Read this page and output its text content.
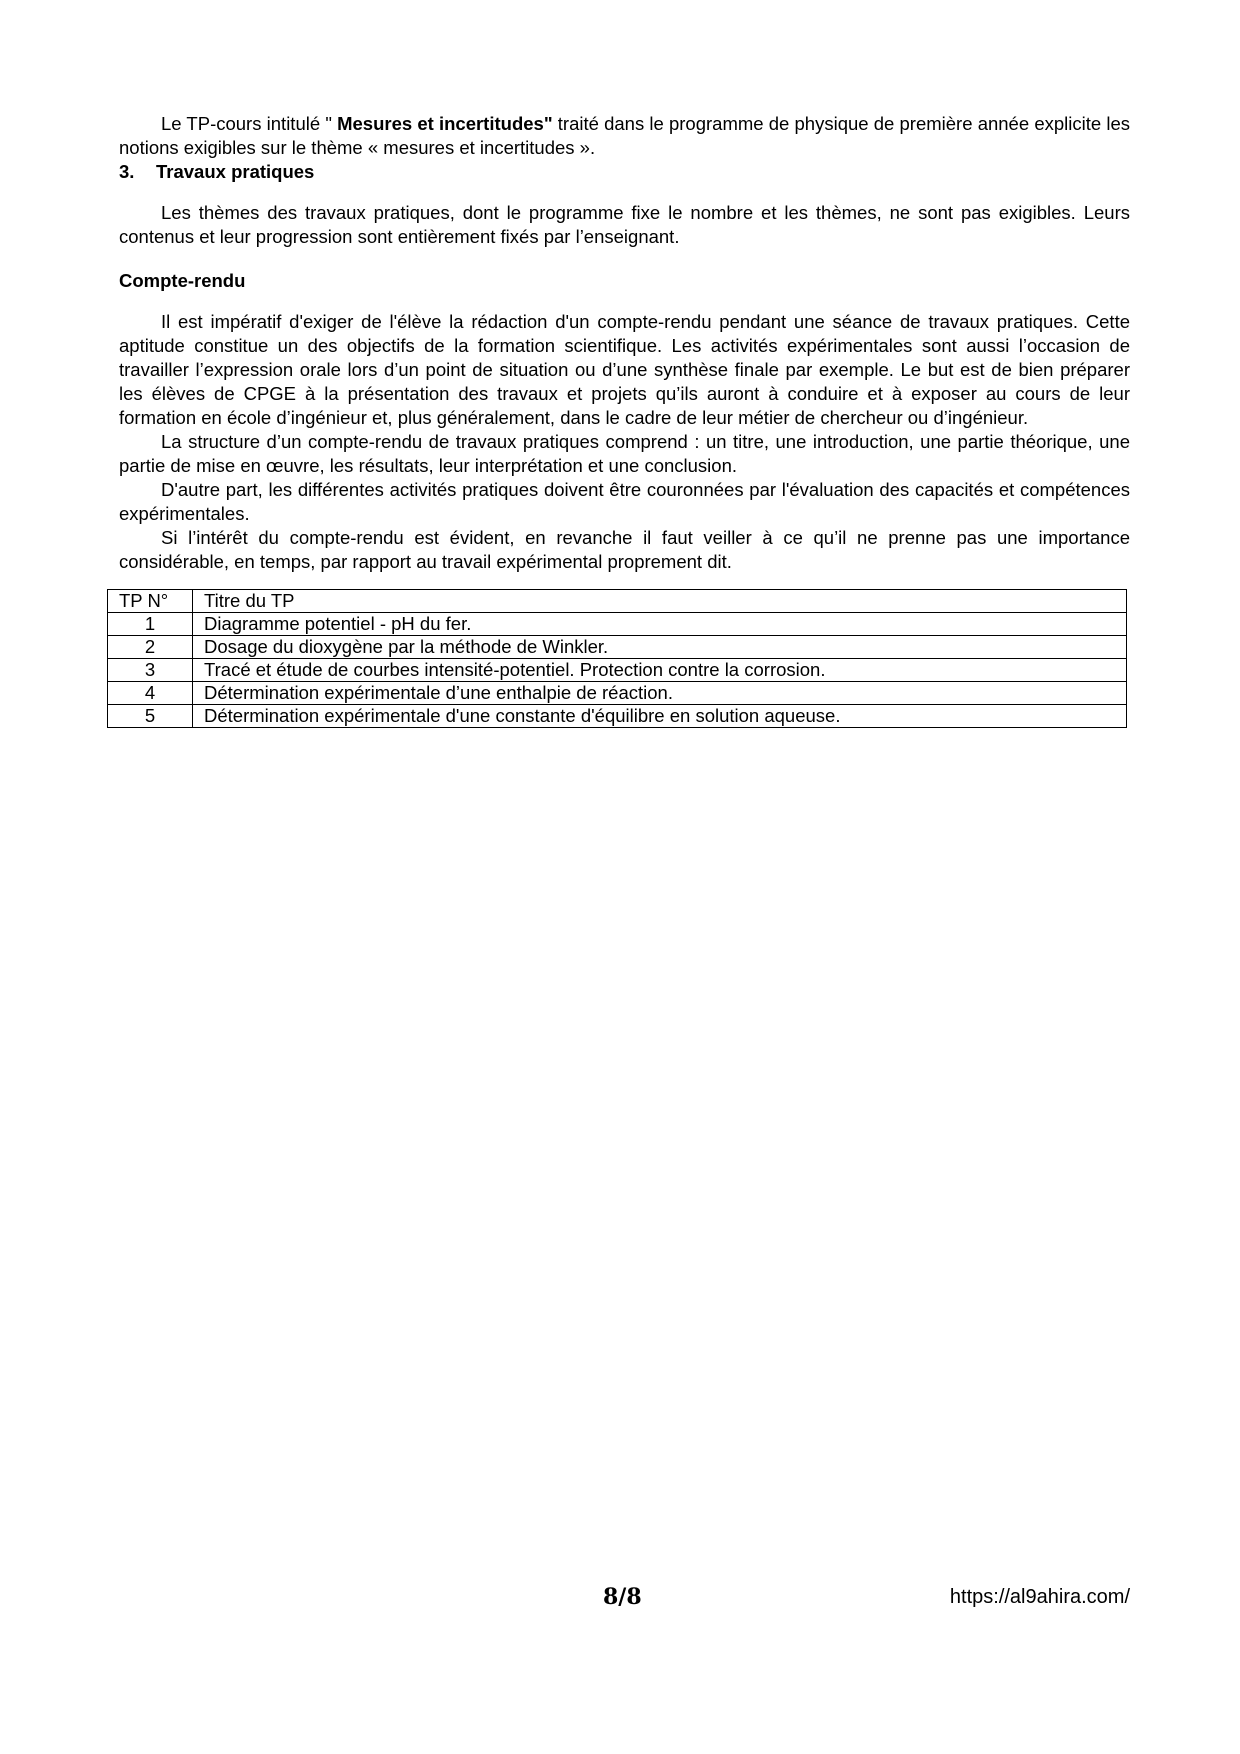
Le TP-cours intitulé " Mesures et incertitudes" traité dans le programme de physique de première année explicite les notions exigibles sur le thème « mesures et incertitudes ».

3. Travaux pratiques

Les thèmes des travaux pratiques, dont le programme fixe le nombre et les thèmes, ne sont pas exigibles. Leurs contenus et leur progression sont entièrement fixés par l’enseignant.

Compte-rendu

Il est impératif d'exiger de l'élève la rédaction d'un compte-rendu pendant une séance de travaux pratiques. Cette aptitude constitue un des objectifs de la formation scientifique. Les activités expérimentales sont aussi l’occasion de travailler l’expression orale lors d’un point de situation ou d’une synthèse finale par exemple. Le but est de bien préparer les élèves de CPGE à la présentation des travaux et projets qu’ils auront à conduire et à exposer au cours de leur formation en école d’ingénieur et, plus généralement, dans le cadre de leur métier de chercheur ou d’ingénieur.

La structure d’un compte-rendu de travaux pratiques comprend : un titre, une introduction, une partie théorique, une partie de mise en œuvre, les résultats, leur interprétation et une conclusion.

D'autre part, les différentes activités pratiques doivent être couronnées par l'évaluation des capacités et compétences expérimentales.

Si l’intérêt du compte-rendu est évident, en revanche il faut veiller à ce qu’il ne prenne pas une importance considérable, en temps, par rapport au travail expérimental proprement dit.

TP N°	Titre du TP
1	Diagramme potentiel - pH du fer.
2	Dosage du dioxygène par la méthode de Winkler.
3	Tracé et étude de courbes intensité-potentiel. Protection contre la corrosion.
4	Détermination expérimentale d’une enthalpie de réaction.
5	Détermination expérimentale d'une constante d'équilibre en solution aqueuse.
8/8	https://al9ahira.com/
